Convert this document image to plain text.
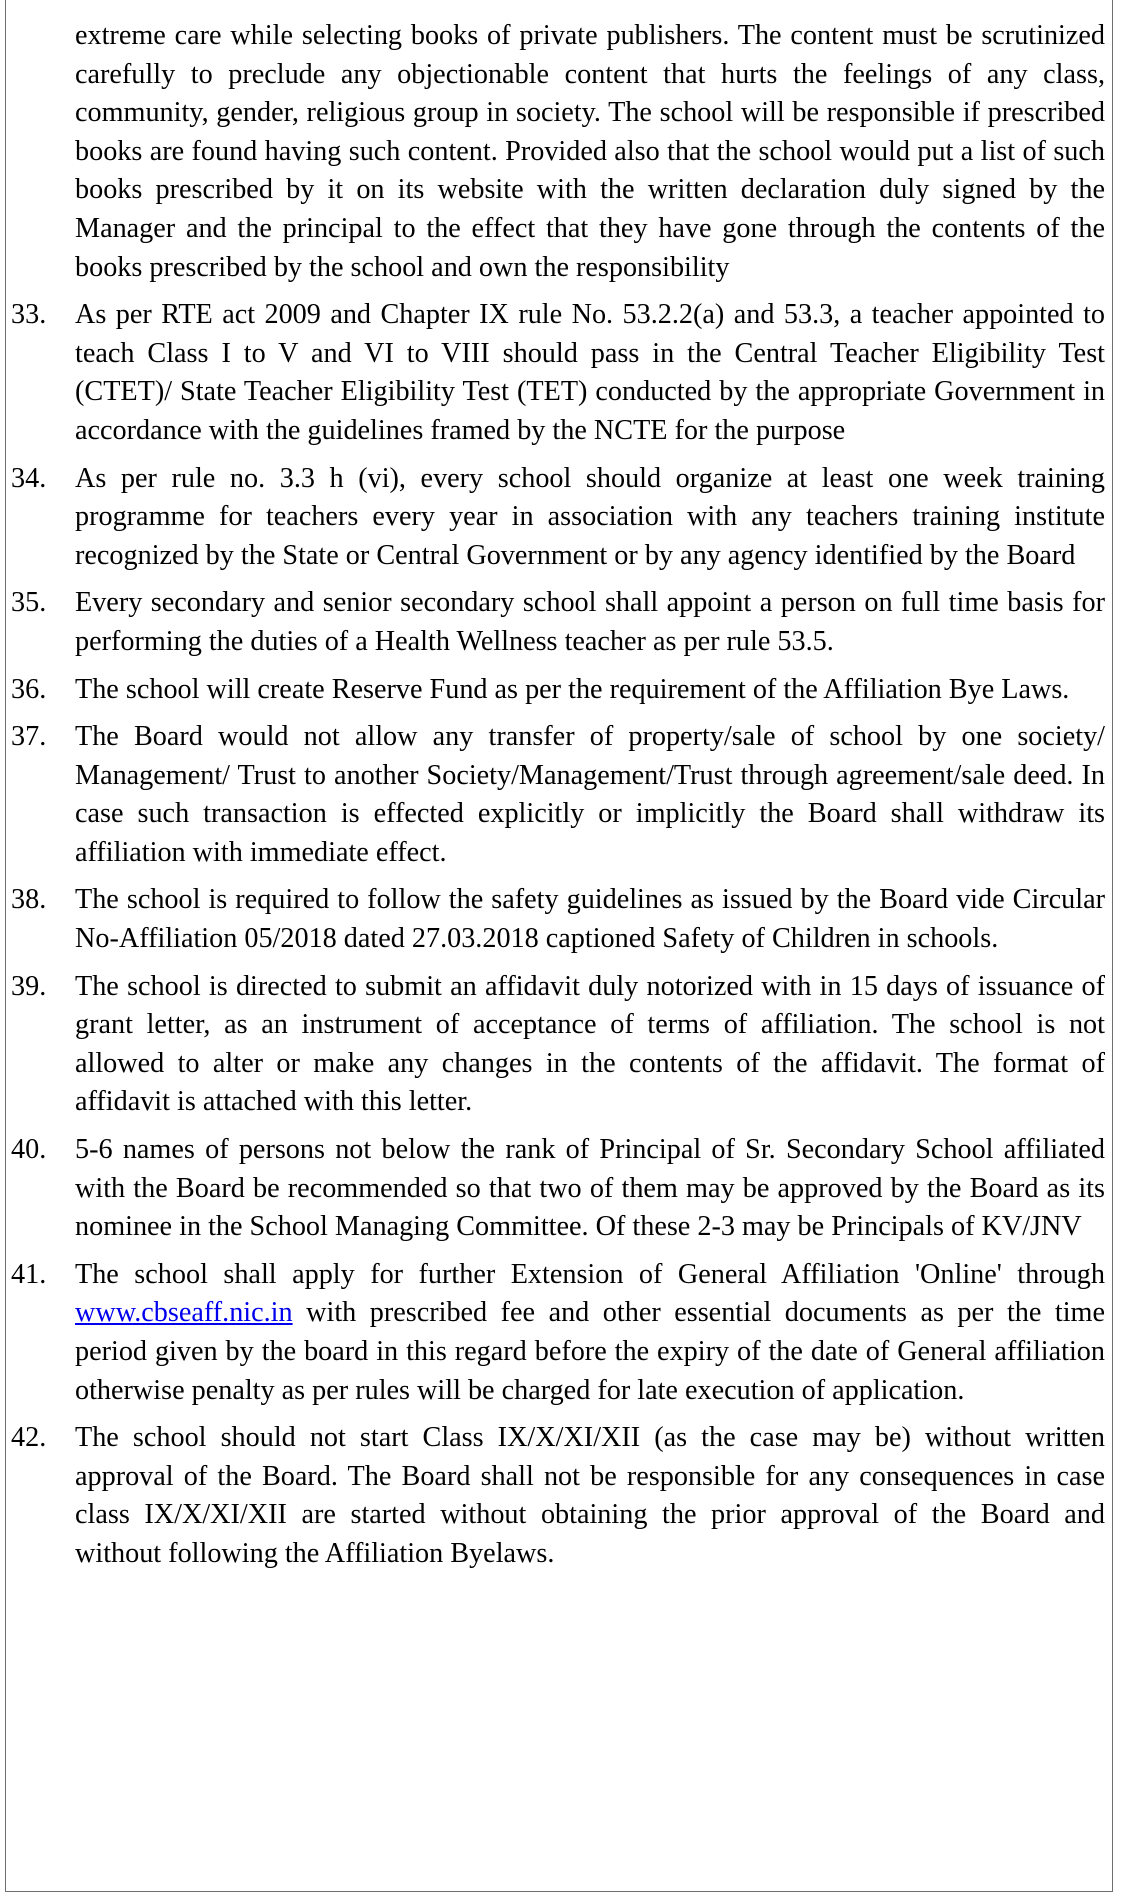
extreme care while selecting books of private publishers. The content must be scrutinized carefully to preclude any objectionable content that hurts the feelings of any class, community, gender, religious group in society. The school will be responsible if prescribed books are found having such content. Provided also that the school would put a list of such books prescribed by it on its website with the written declaration duly signed by the Manager and the principal to the effect that they have gone through the contents of the books prescribed by the school and own the responsibility

33.	As per RTE act 2009 and Chapter IX rule No. 53.2.2(a) and 53.3, a teacher appointed to teach Class I to V and VI to VIII should pass in the Central Teacher Eligibility Test (CTET)/ State Teacher Eligibility Test (TET) conducted by the appropriate Government in accordance with the guidelines framed by the NCTE for the purpose
34.	As per rule no. 3.3 h (vi), every school should organize at least one week training programme for teachers every year in association with any teachers training institute recognized by the State or Central Government or by any agency identified by the Board
35.	Every secondary and senior secondary school shall appoint a person on full time basis for performing the duties of a Health Wellness teacher as per rule 53.5.
36.	The school will create Reserve Fund as per the requirement of the Affiliation Bye Laws.
37.	The Board would not allow any transfer of property/sale of school by one society/ Management/ Trust to another Society/Management/Trust through agreement/sale deed. In case such transaction is effected explicitly or implicitly the Board shall withdraw its affiliation with immediate effect.
38.	The school is required to follow the safety guidelines as issued by the Board vide Circular No-Affiliation 05/2018 dated 27.03.2018 captioned Safety of Children in schools.
39.	The school is directed to submit an affidavit duly notorized with in 15 days of issuance of grant letter, as an instrument of acceptance of terms of affiliation. The school is not allowed to alter or make any changes in the contents of the affidavit. The format of affidavit is attached with this letter.
40.	5-6 names of persons not below the rank of Principal of Sr. Secondary School affiliated with the Board be recommended so that two of them may be approved by the Board as its nominee in the School Managing Committee. Of these 2-3 may be Principals of KV/JNV
41.	The school shall apply for further Extension of General Affiliation 'Online' through www.cbseaff.nic.in with prescribed fee and other essential documents as per the time period given by the board in this regard before the expiry of the date of General affiliation otherwise penalty as per rules will be charged for late execution of application.
42.	The school should not start Class IX/X/XI/XII (as the case may be) without written approval of the Board. The Board shall not be responsible for any consequences in case class IX/X/XI/XII are started without obtaining the prior approval of the Board and without following the Affiliation Byelaws.
